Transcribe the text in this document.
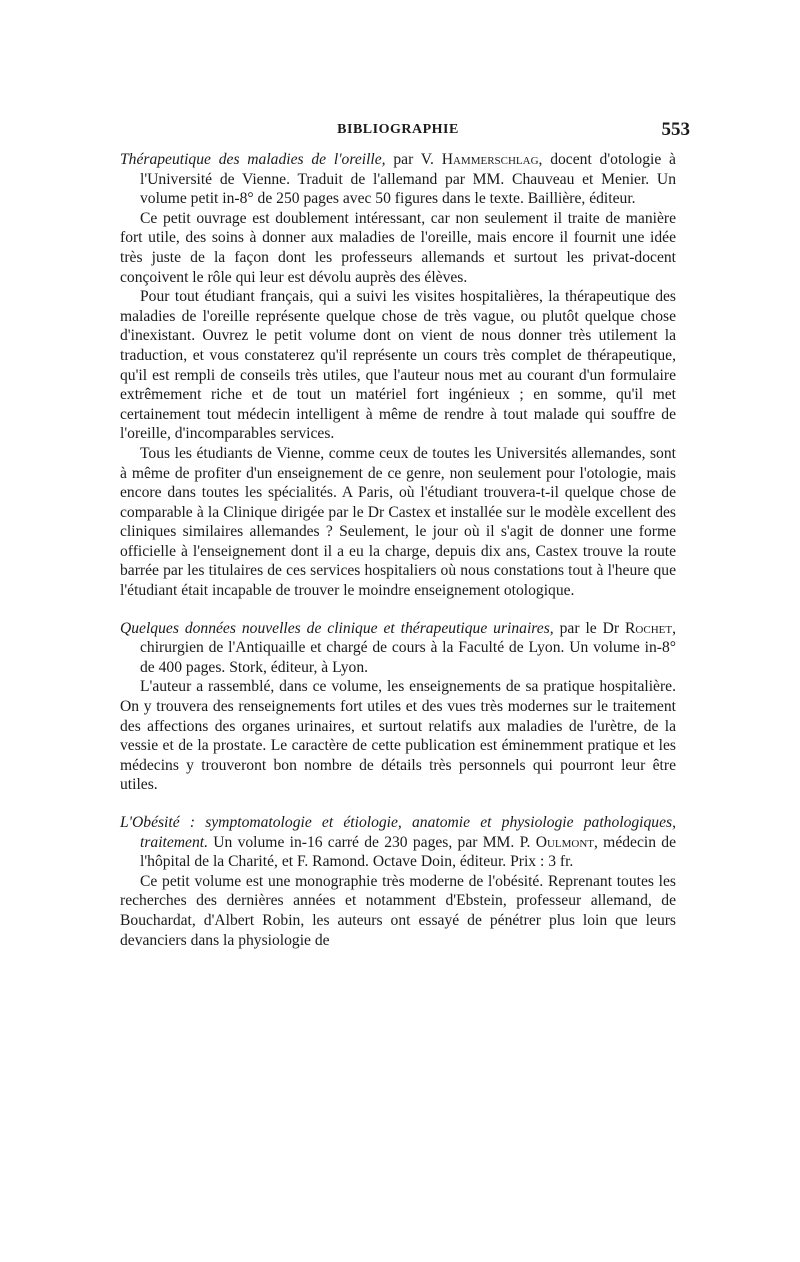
BIBLIOGRAPHIE	553

Thérapeutique des maladies de l'oreille, par V. Hammerschlag, docent d'otologie à l'Université de Vienne. Traduit de l'allemand par MM. Chauveau et Menier. Un volume petit in-8° de 250 pages avec 50 figures dans le texte. Baillière, éditeur.

Ce petit ouvrage est doublement intéressant, car non seulement il traite de manière fort utile, des soins à donner aux maladies de l'oreille, mais encore il fournit une idée très juste de la façon dont les professeurs allemands et surtout les privat-docent conçoivent le rôle qui leur est dévolu auprès des élèves.

Pour tout étudiant français, qui a suivi les visites hospitalières, la thérapeutique des maladies de l'oreille représente quelque chose de très vague, ou plutôt quelque chose d'inexistant. Ouvrez le petit volume dont on vient de nous donner très utilement la traduction, et vous constaterez qu'il représente un cours très complet de thérapeutique, qu'il est rempli de conseils très utiles, que l'auteur nous met au courant d'un formulaire extrêmement riche et de tout un matériel fort ingénieux ; en somme, qu'il met certainement tout médecin intelligent à même de rendre à tout malade qui souffre de l'oreille, d'incomparables services.

Tous les étudiants de Vienne, comme ceux de toutes les Universités allemandes, sont à même de profiter d'un enseignement de ce genre, non seulement pour l'otologie, mais encore dans toutes les spécialités. A Paris, où l'étudiant trouvera-t-il quelque chose de comparable à la Clinique dirigée par le Dr Castex et installée sur le modèle excellent des cliniques similaires allemandes ? Seulement, le jour où il s'agit de donner une forme officielle à l'enseignement dont il a eu la charge, depuis dix ans, Castex trouve la route barrée par les titulaires de ces services hospitaliers où nous constations tout à l'heure que l'étudiant était incapable de trouver le moindre enseignement otologique.

Quelques données nouvelles de clinique et thérapeutique urinaires, par le Dr Rochet, chirurgien de l'Antiquaille et chargé de cours à la Faculté de Lyon. Un volume in-8° de 400 pages. Stork, éditeur, à Lyon.

L'auteur a rassemblé, dans ce volume, les enseignements de sa pratique hospitalière. On y trouvera des renseignements fort utiles et des vues très modernes sur le traitement des affections des organes urinaires, et surtout relatifs aux maladies de l'urètre, de la vessie et de la prostate. Le caractère de cette publication est éminemment pratique et les médecins y trouveront bon nombre de détails très personnels qui pourront leur être utiles.

L'Obésité : symptomatologie et étiologie, anatomie et physiologie pathologiques, traitement. Un volume in-16 carré de 230 pages, par MM. P. Oulmont, médecin de l'hôpital de la Charité, et F. Ramond. Octave Doin, éditeur. Prix : 3 fr.

Ce petit volume est une monographie très moderne de l'obésité. Reprenant toutes les recherches des dernières années et notamment d'Ebstein, professeur allemand, de Bouchardat, d'Albert Robin, les auteurs ont essayé de pénétrer plus loin que leurs devanciers dans la physiologie de
